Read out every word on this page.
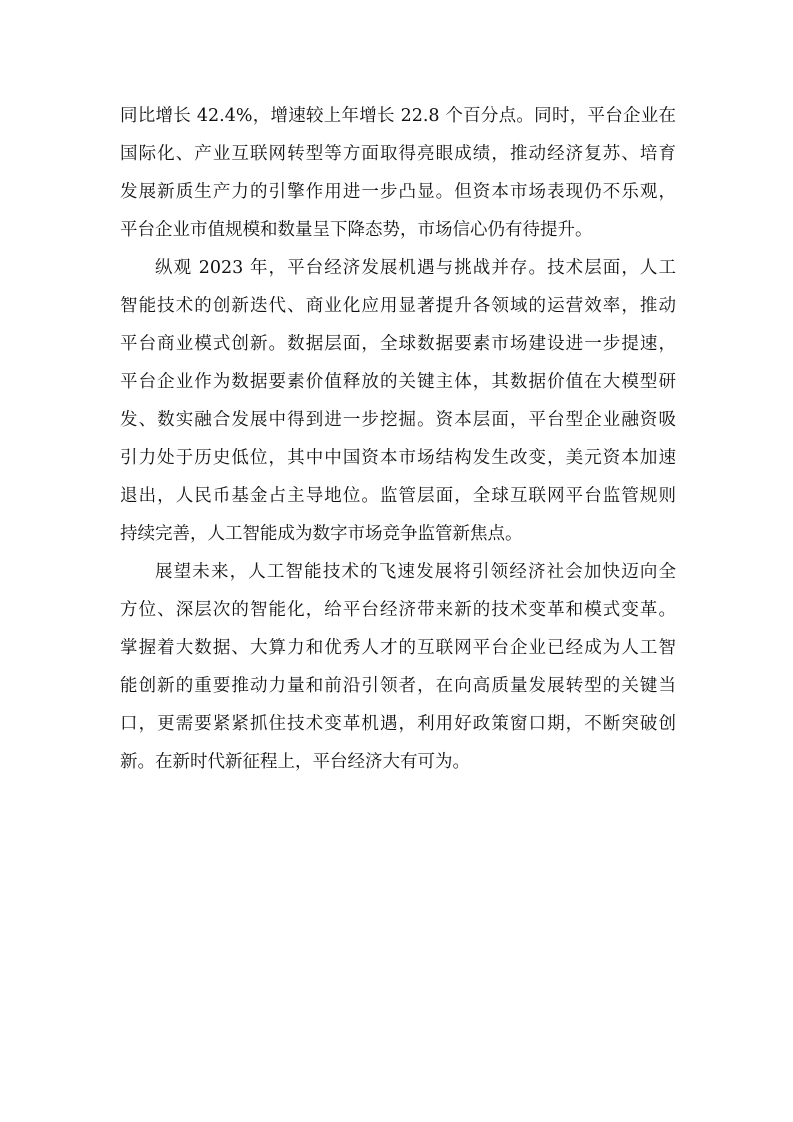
同比增长 42.4%，增速较上年增长 22.8 个百分点。同时，平台企业在
国际化、产业互联网转型等方面取得亮眼成绩，推动经济复苏、培育
发展新质生产力的引擎作用进一步凸显。但资本市场表现仍不乐观，
平台企业市值规模和数量呈下降态势，市场信心仍有待提升。
纵观 2023 年，平台经济发展机遇与挑战并存。技术层面，人工
智能技术的创新迭代、商业化应用显著提升各领域的运营效率，推动
平台商业模式创新。数据层面，全球数据要素市场建设进一步提速，
平台企业作为数据要素价值释放的关键主体，其数据价值在大模型研
发、数实融合发展中得到进一步挖掘。资本层面，平台型企业融资吸
引力处于历史低位，其中中国资本市场结构发生改变，美元资本加速
退出，人民币基金占主导地位。监管层面，全球互联网平台监管规则
持续完善，人工智能成为数字市场竞争监管新焦点。
展望未来，人工智能技术的飞速发展将引领经济社会加快迈向全
方位、深层次的智能化，给平台经济带来新的技术变革和模式变革。
掌握着大数据、大算力和优秀人才的互联网平台企业已经成为人工智
能创新的重要推动力量和前沿引领者，在向高质量发展转型的关键当
口，更需要紧紧抓住技术变革机遇，利用好政策窗口期，不断突破创
新。在新时代新征程上，平台经济大有可为。
